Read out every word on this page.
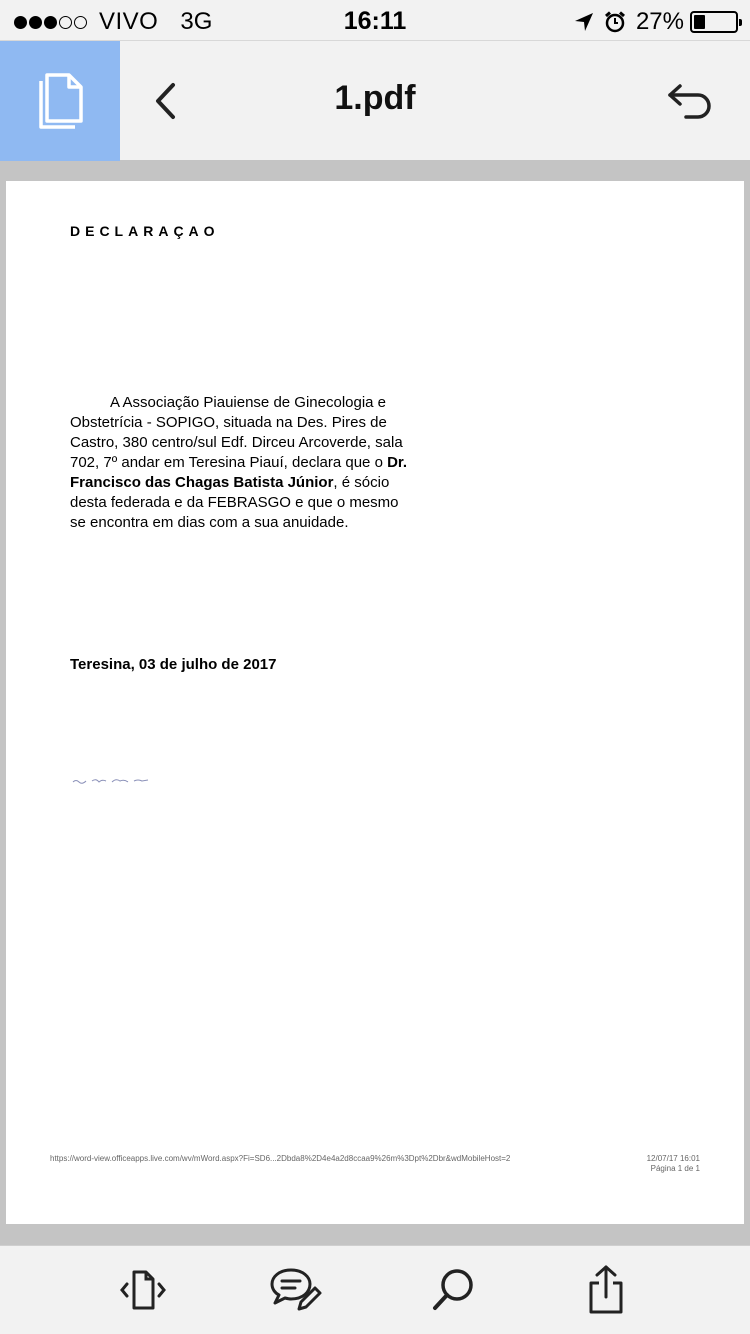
VIVO 3G	16:11	27%
1.pdf
DECLARAÇAO
A Associação Piauiense de Ginecologia e Obstetrícia - SOPIGO, situada na Des. Pires de Castro, 380 centro/sul Edf. Dirceu Arcoverde, sala 702, 7º andar em Teresina Piauí, declara que o Dr. Francisco das Chagas Batista Júnior, é sócio desta federada e da FEBRASGO e que o mesmo se encontra em dias com a sua anuidade.
Teresina, 03 de julho de 2017
https://word-view.officeapps.live.com/wv/mWord.aspx?Fi=SD6...2Dbda8%2D4e4a2d8ccaa9%26m%3Dpt%2Dbr&wdMobileHost=2	12/07/17 16:01
Página 1 de 1
